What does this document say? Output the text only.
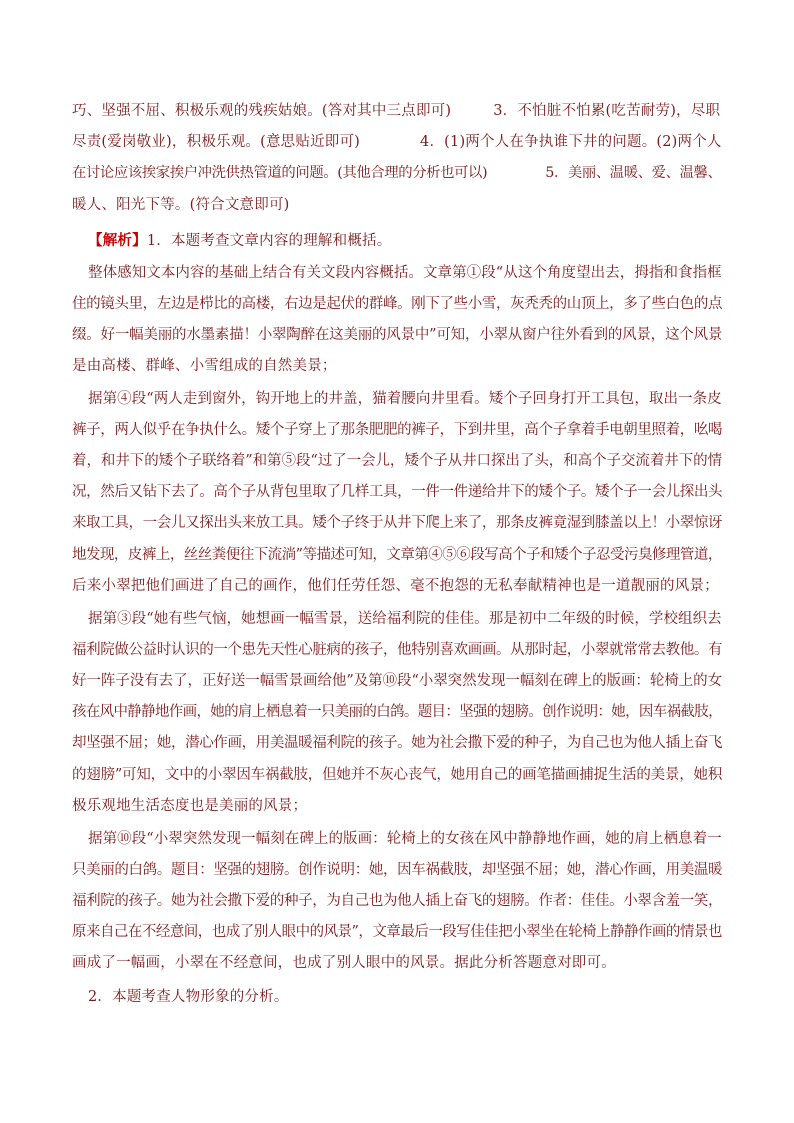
巧、坚强不屈、积极乐观的残疾姑娘。(答对其中三点即可)	3．不怕脏不怕累(吃苦耐劳)，尽职
尽责(爱岗敬业)，积极乐观。(意思贴近即可)	4．(1)两个人在争执谁下井的问题。(2)两个人
在讨论应该挨家挨户冲洗供热管道的问题。(其他合理的分析也可以)	5．美丽、温暖、爱、温馨、
暖人、阳光下等。(符合文意即可)
【解析】1．本题考查文章内容的理解和概括。
整体感知文本内容的基础上结合有关文段内容概括。文章第①段“从这个角度望出去，拇指和食指框
住的镜头里，左边是栉比的高楼，右边是起伏的群峰。刚下了些小雪，灰秃秃的山顶上，多了些白色的点
缀。好一幅美丽的水墨素描！小翠陶醉在这美丽的风景中”可知，小翠从窗户往外看到的风景，这个风景
是由高楼、群峰、小雪组成的自然美景；
据第④段“两人走到窗外，钩开地上的井盖，猫着腰向井里看。矮个子回身打开工具包，取出一条皮
裤子，两人似乎在争执什么。矮个子穿上了那条肥肥的裤子，下到井里，高个子拿着手电朝里照着，吆喝
着，和井下的矮个子联络着”和第⑤段“过了一会儿，矮个子从井口探出了头，和高个子交流着井下的情
况，然后又钻下去了。高个子从背包里取了几样工具，一件一件递给井下的矮个子。矮个子一会儿探出头
来取工具，一会儿又探出头来放工具。矮个子终于从井下爬上来了，那条皮裤竟湿到膝盖以上！小翠惊讶
地发现，皮裤上，丝丝粪便往下流淌”等描述可知，文章第④⑤⑥段写高个子和矮个子忍受污臭修理管道，
后来小翠把他们画进了自己的画作，他们任劳任怨、毫不抱怨的无私奉献精神也是一道靓丽的风景；
据第③段“她有些气恼，她想画一幅雪景，送给福利院的佳佳。那是初中二年级的时候，学校组织去
福利院做公益时认识的一个患先天性心脏病的孩子，他特别喜欢画画。从那时起，小翠就常常去教他。有
好一阵子没有去了，正好送一幅雪景画给他”及第⑩段“小翠突然发现一幅刻在碑上的版画：轮椅上的女
孩在风中静静地作画，她的肩上栖息着一只美丽的白鸽。题目：坚强的翅膀。创作说明：她，因车祸截肢，
却坚强不屈；她，潜心作画，用美温暖福利院的孩子。她为社会撒下爱的种子，为自己也为他人插上奋飞
的翅膀”可知，文中的小翠因车祸截肢，但她并不灰心丧气，她用自己的画笔描画捕捉生活的美景，她积
极乐观地生活态度也是美丽的风景；
据第⑩段“小翠突然发现一幅刻在碑上的版画：轮椅上的女孩在风中静静地作画，她的肩上栖息着一
只美丽的白鸽。题目：坚强的翅膀。创作说明：她，因车祸截肢，却坚强不屈；她，潜心作画，用美温暖
福利院的孩子。她为社会撒下爱的种子，为自己也为他人插上奋飞的翅膀。作者：佳佳。小翠含羞一笑，
原来自己在不经意间，也成了别人眼中的风景”，文章最后一段写佳佳把小翠坐在轮椅上静静作画的情景也
画成了一幅画，小翠在不经意间，也成了别人眼中的风景。据此分析答题意对即可。
2．本题考查人物形象的分析。
